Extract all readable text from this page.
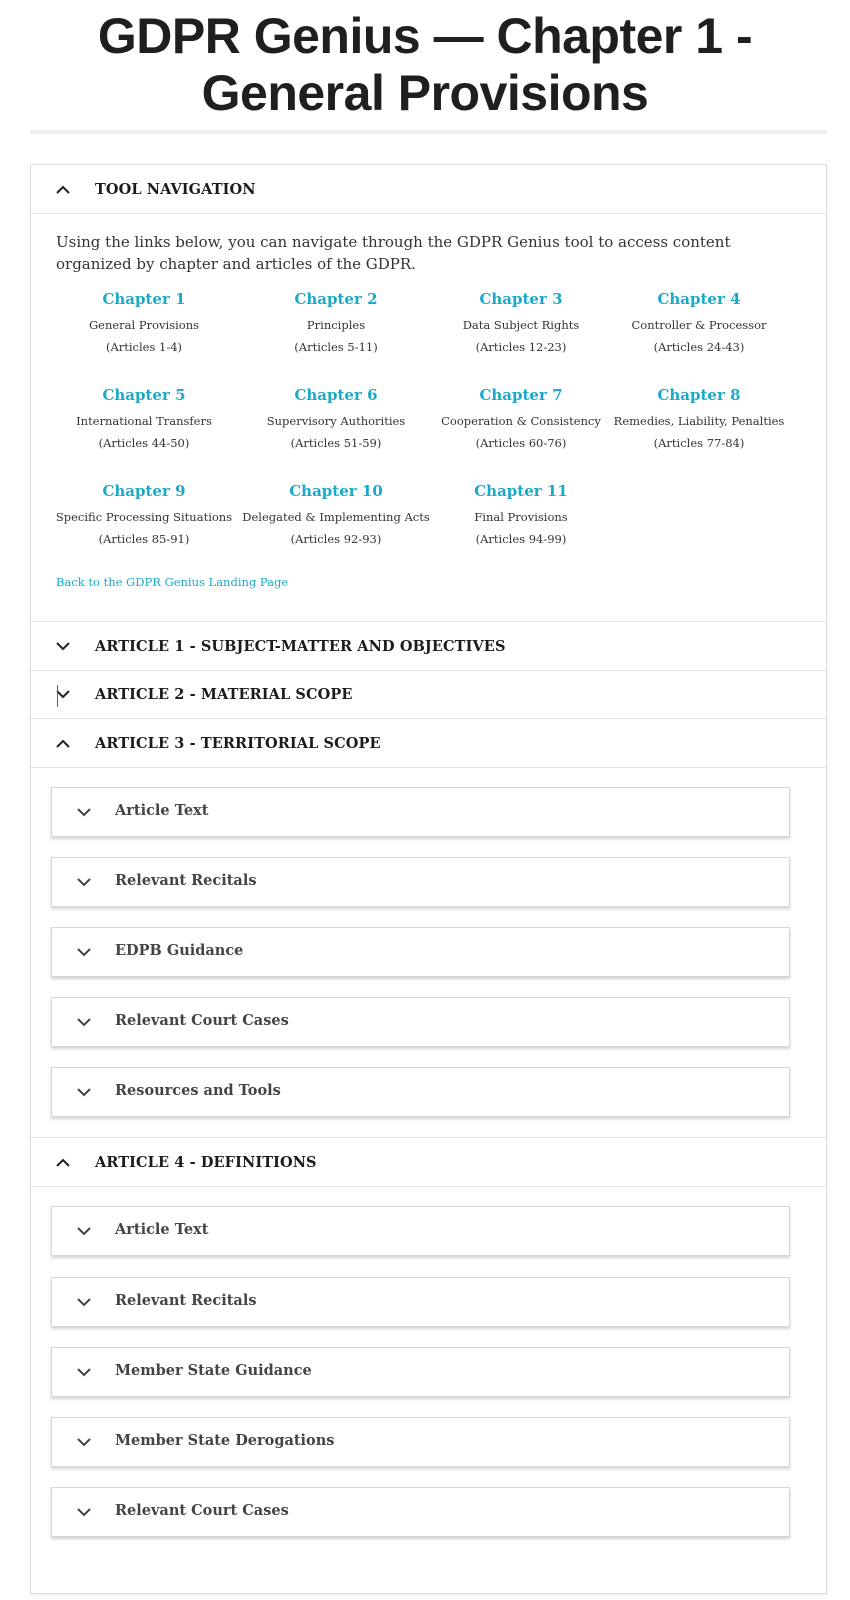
GDPR Genius — Chapter 1 - General Provisions
TOOL NAVIGATION

Using the links below, you can navigate through the GDPR Genius tool to access content organized by chapter and articles of the GDPR.

Chapter 1
General Provisions
(Articles 1-4)
Chapter 2
Principles
(Articles 5-11)
Chapter 3
Data Subject Rights
(Articles 12-23)
Chapter 4
Controller & Processor
(Articles 24-43)
Chapter 5
International Transfers
(Articles 44-50)
Chapter 6
Supervisory Authorities
(Articles 51-59)
Chapter 7
Cooperation & Consistency
(Articles 60-76)
Chapter 8
Remedies, Liability, Penalties
(Articles 77-84)
Chapter 9
Specific Processing Situations
(Articles 85-91)
Chapter 10
Delegated & Implementing Acts
(Articles 92-93)
Chapter 11
Final Provisions
(Articles 94-99)
Back to the GDPR Genius Landing Page
ARTICLE 1 - SUBJECT-MATTER AND OBJECTIVES
ARTICLE 2 - MATERIAL SCOPE
ARTICLE 3 - TERRITORIAL SCOPE
Article Text
Relevant Recitals
EDPB Guidance
Relevant Court Cases
Resources and Tools
ARTICLE 4 - DEFINITIONS
Article Text
Relevant Recitals
Member State Guidance
Member State Derogations
Relevant Court Cases
